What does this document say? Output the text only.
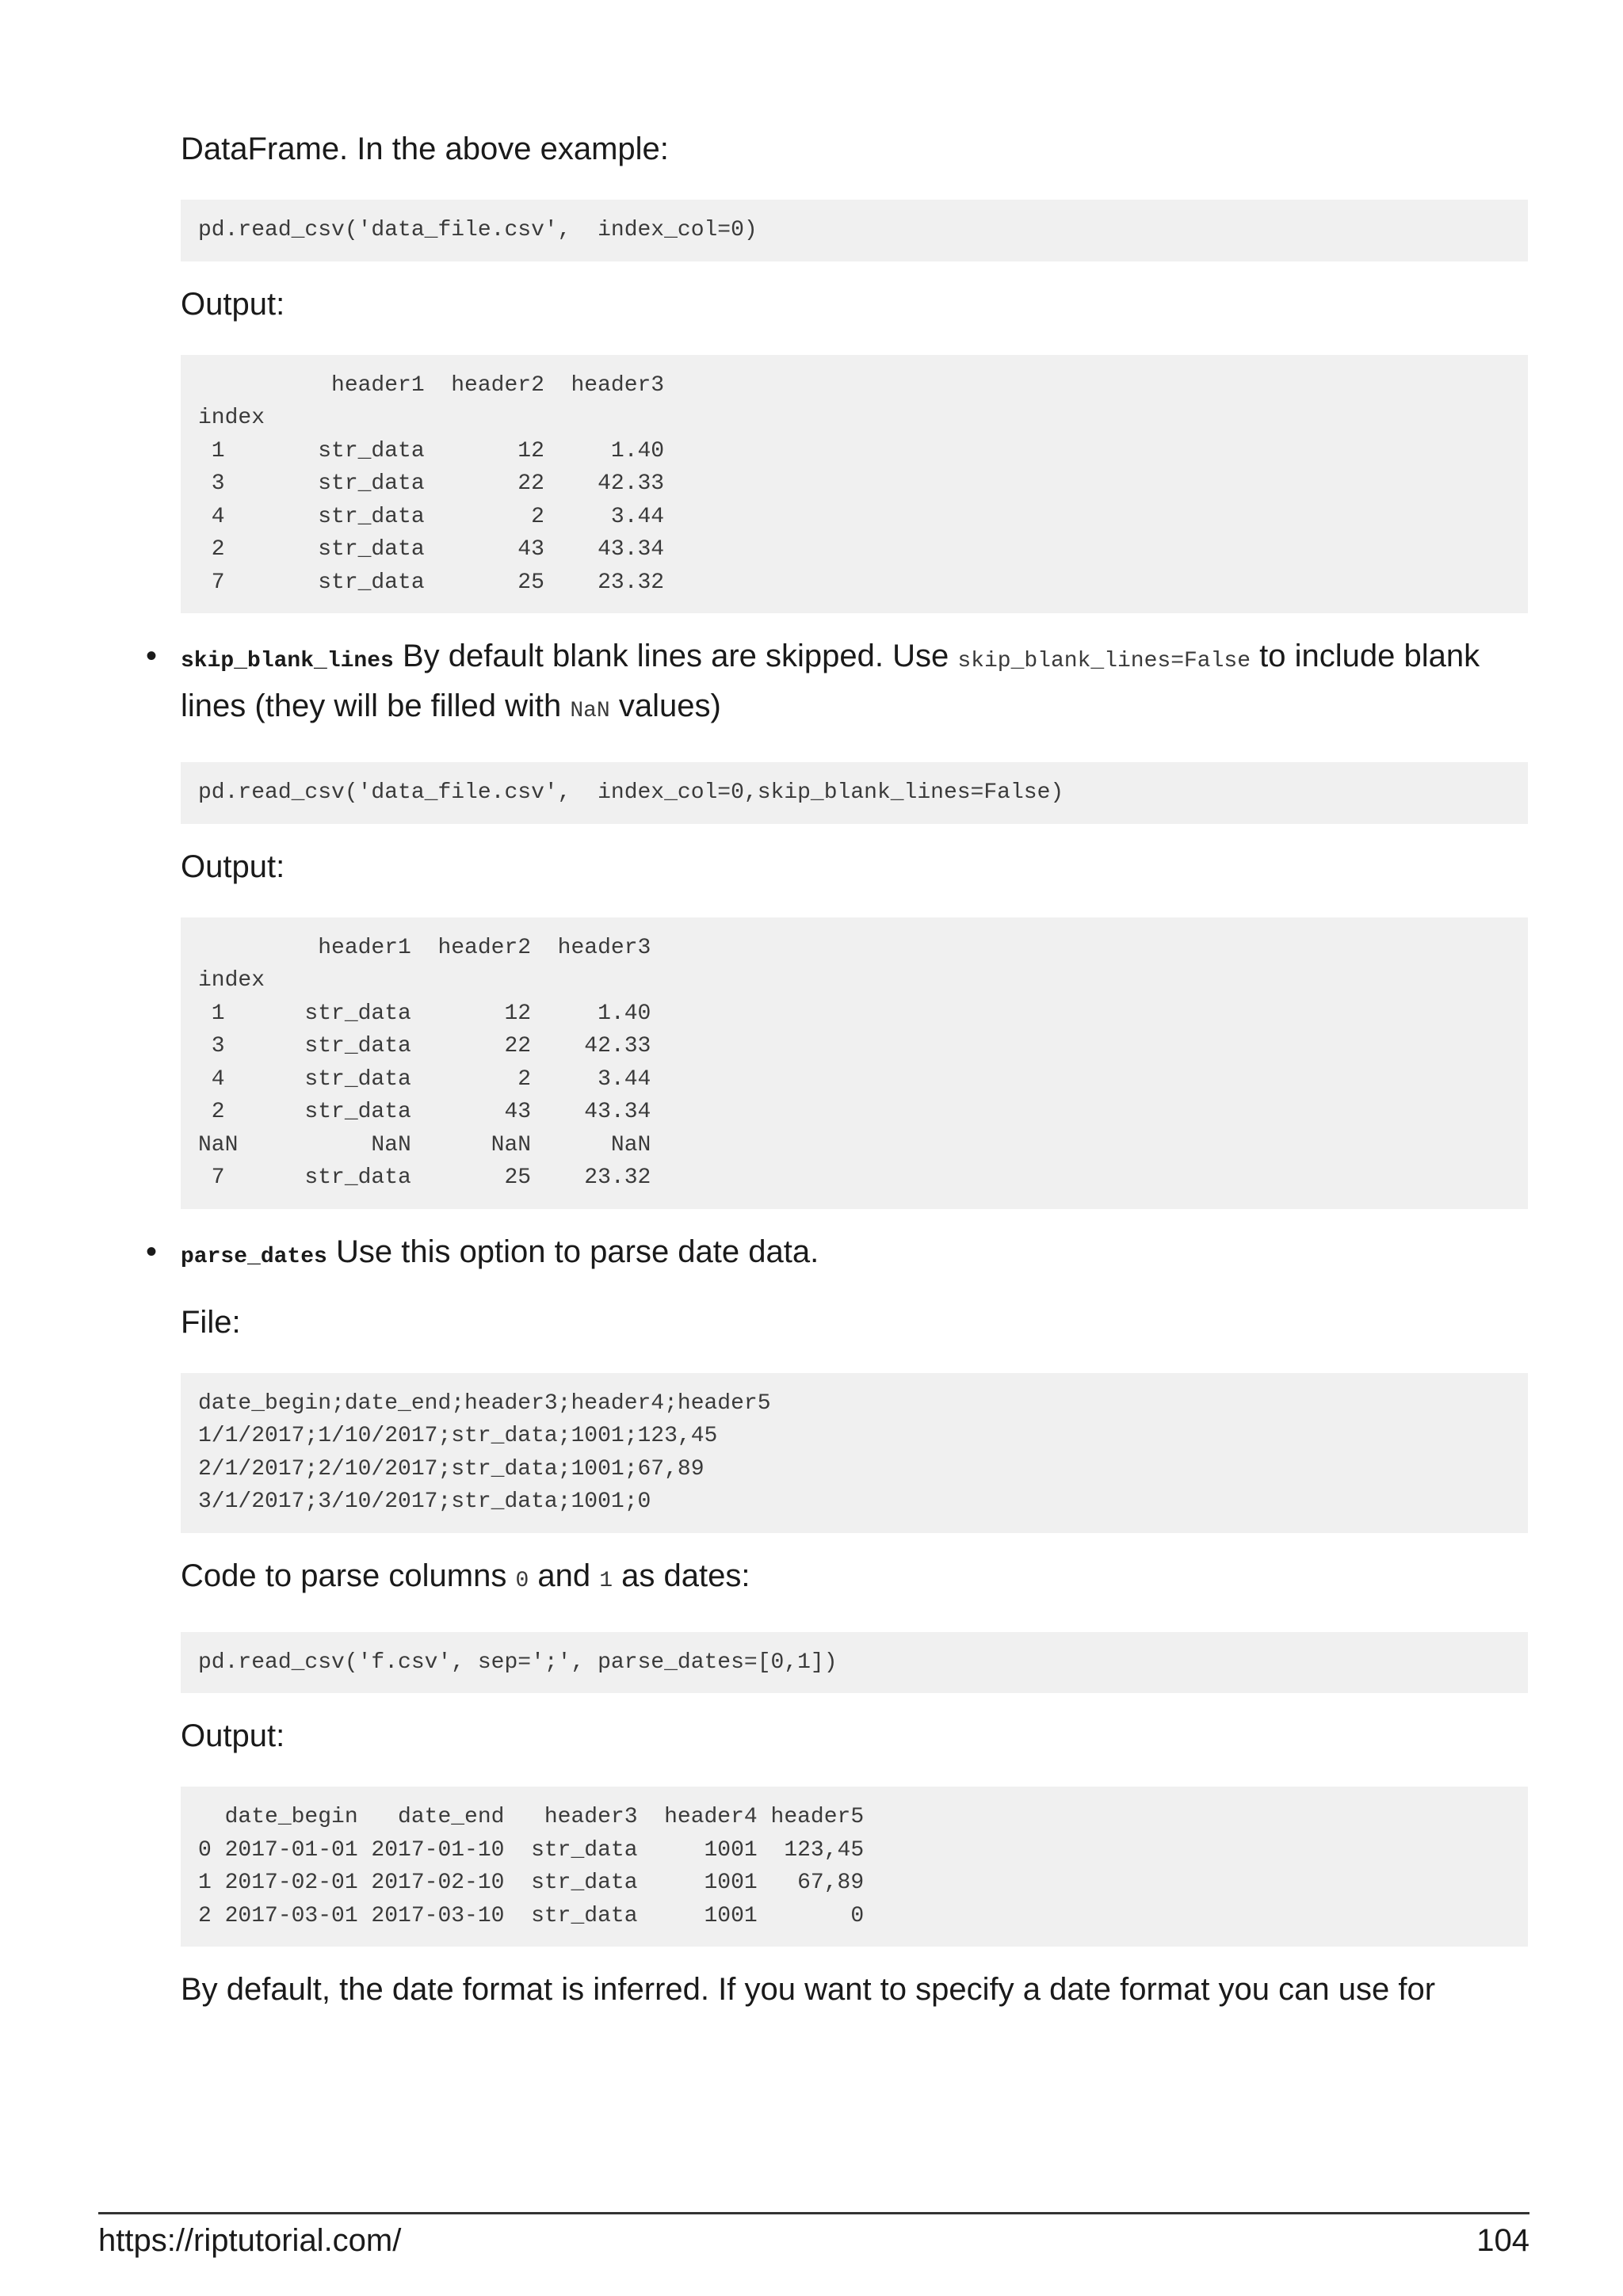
DataFrame. In the above example:

pd.read_csv('data_file.csv',  index_col=0)

Output:

header1  header2  header3
index
1       str_data       12     1.40
3       str_data       22    42.33
4       str_data        2     3.44
2       str_data       43    43.34
7       str_data       25    23.32
• skip_blank_lines By default blank lines are skipped. Use skip_blank_lines=False to include blank lines (they will be filled with NaN values)

pd.read_csv('data_file.csv',  index_col=0,skip_blank_lines=False)

Output:

header1  header2  header3
index
1      str_data       12     1.40
3      str_data       22    42.33
4      str_data        2     3.44
2      str_data       43    43.34
NaN          NaN      NaN      NaN
7      str_data       25    23.32
• parse_dates Use this option to parse date data.

File:

date_begin;date_end;header3;header4;header5
1/1/2017;1/10/2017;str_data;1001;123,45
2/1/2017;2/10/2017;str_data;1001;67,89
3/1/2017;3/10/2017;str_data;1001;0

Code to parse columns 0 and 1 as dates:

pd.read_csv('f.csv', sep=';', parse_dates=[0,1])

Output:

date_begin   date_end   header3  header4 header5
0 2017-01-01 2017-01-10  str_data     1001  123,45
1 2017-02-01 2017-02-10  str_data     1001   67,89
2 2017-03-01 2017-03-10  str_data     1001       0

By default, the date format is inferred. If you want to specify a date format you can use for

https://riptutorial.com/	104
